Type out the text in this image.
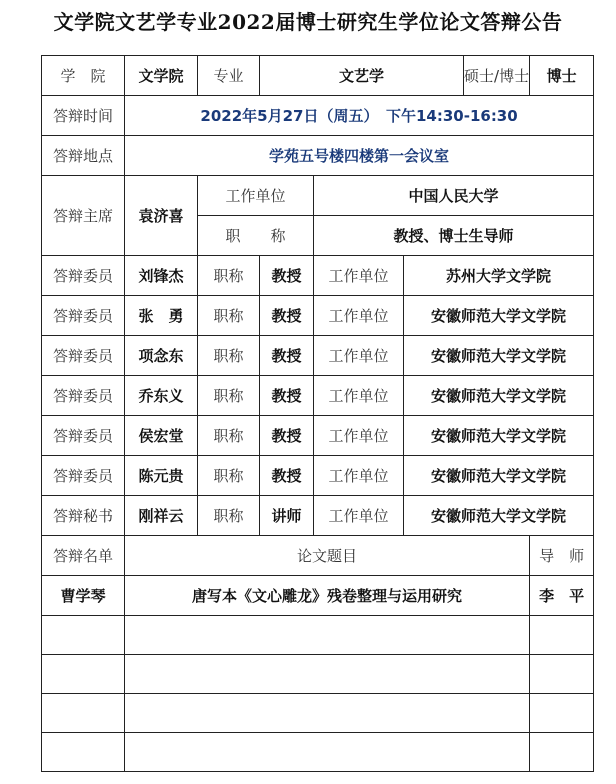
文学院文艺学专业2022届博士研究生学位论文答辩公告
学　院	文学院	专业	文艺学			硕士/博士	博士
答辩时间	2022年5月27日（周五）　下午14:30-16:30						
答辩地点	学苑五号楼四楼第一会议室						
答辩主席	袁济喜	工作单位		中国人民大学			
		职　　称		教授、博士生导师			
答辩委员	刘锋杰	职称	教授	工作单位	苏州大学文学院		
答辩委员	张　勇	职称	教授	工作单位	安徽师范大学文学院		
答辩委员	项念东	职称	教授	工作单位	安徽师范大学文学院		
答辩委员	乔东义	职称	教授	工作单位	安徽师范大学文学院		
答辩委员	侯宏堂	职称	教授	工作单位	安徽师范大学文学院		
答辩委员	陈元贵	职称	教授	工作单位	安徽师范大学文学院		
答辩秘书	刚祥云	职称	讲师	工作单位	安徽师范大学文学院		
答辩名单	论文题目						导　师
曹学琴	唐写本《文心雕龙》残卷整理与运用研究						李　平
